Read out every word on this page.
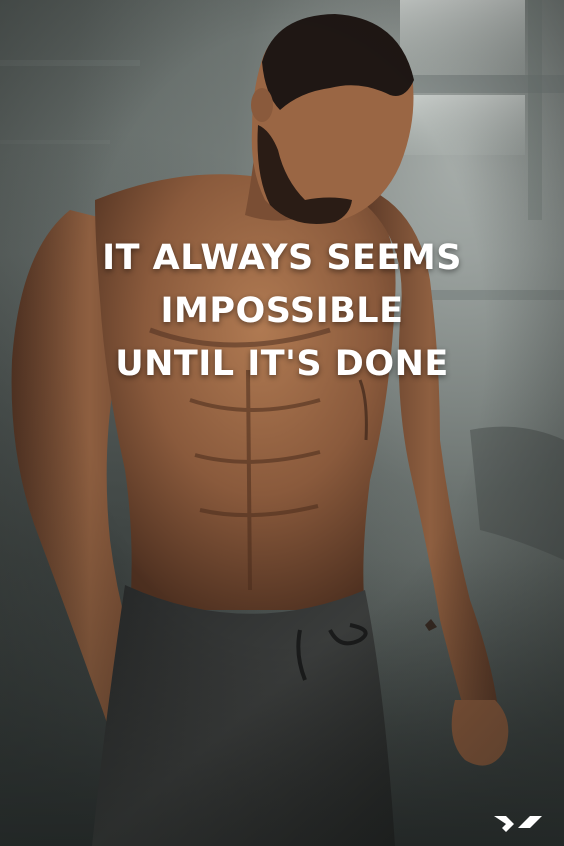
IT ALWAYS SEEMS
IMPOSSIBLE
UNTIL IT'S DONE
